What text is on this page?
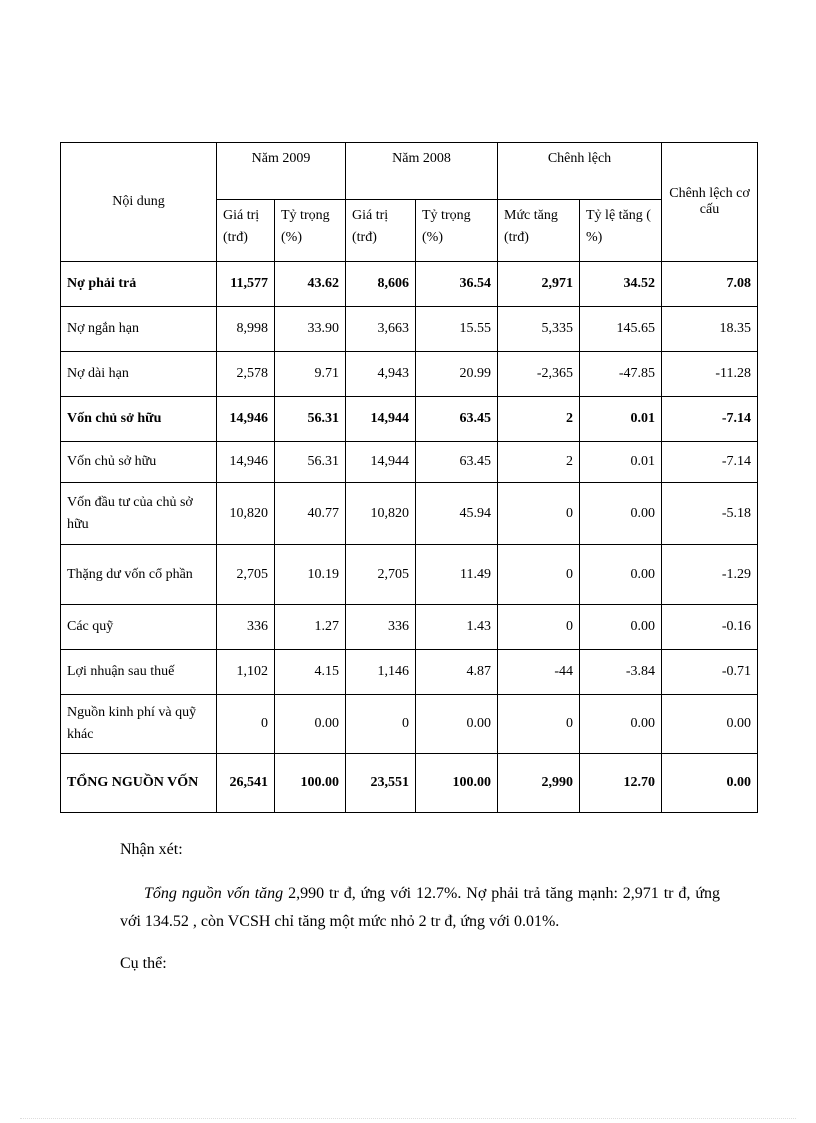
Nội dung	Năm 2009		Năm 2008		Chênh lệch		Chênh lệch cơ cấu
	Giá trị (trđ)	Tỷ trọng (%)	Giá trị (trđ)	Tỷ trọng (%)	Mức tăng (trđ)	Tỷ lệ tăng ( %)	
Nợ phải trả	11,577	43.62	8,606	36.54	2,971	34.52	7.08
Nợ ngắn hạn	8,998	33.90	3,663	15.55	5,335	145.65	18.35
Nợ dài hạn	2,578	9.71	4,943	20.99	-2,365	-47.85	-11.28
Vốn chủ sở hữu	14,946	56.31	14,944	63.45	2	0.01	-7.14
Vốn chủ sở hữu	14,946	56.31	14,944	63.45	2	0.01	-7.14
Vốn đầu tư của chủ sở hữu	10,820	40.77	10,820	45.94	0	0.00	-5.18
Thặng dư vốn cổ phần	2,705	10.19	2,705	11.49	0	0.00	-1.29
Các quỹ	336	1.27	336	1.43	0	0.00	-0.16
Lợi nhuận sau thuế	1,102	4.15	1,146	4.87	-44	-3.84	-0.71
Nguồn kinh phí và quỹ khác	0	0.00	0	0.00	0	0.00	0.00
TỔNG NGUỒN VỐN	26,541	100.00	23,551	100.00	2,990	12.70	0.00

Nhận xét:

Tổng nguồn vốn tăng 2,990 tr đ, ứng với 12.7%. Nợ phải trả tăng mạnh: 2,971 tr đ, ứng với 134.52 , còn VCSH chỉ tăng một mức nhỏ 2 tr đ, ứng với 0.01%.

Cụ thể:
